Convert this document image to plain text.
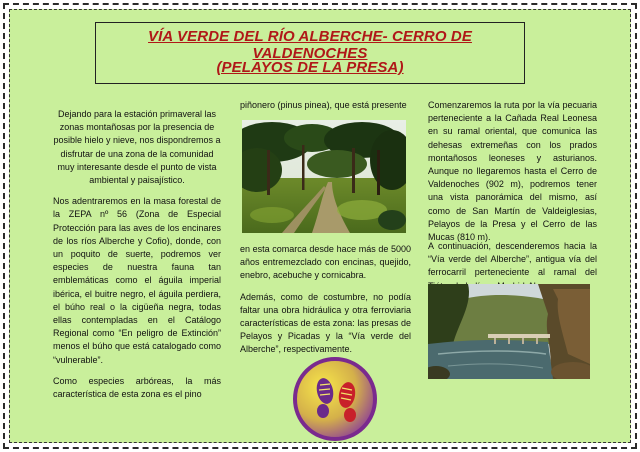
VÍA VERDE DEL RÍO ALBERCHE- CERRO DE VALDENOCHES
(PELAYOS DE LA PRESA)

Dejando para la estación primaveral las zonas montañosas por la presencia de posible hielo y nieve, nos dispondremos a disfrutar de una zona de la comunidad muy interesante desde el punto de vista ambiental y paisajístico.

Nos adentraremos en la masa forestal de la ZEPA nº 56 (Zona de Especial Protección para las aves de los encinares de los ríos Alberche y Cofio), donde, con un poquito de suerte, podremos ver especies de nuestra fauna tan emblemáticas como el águila imperial ibérica, el buitre negro, el águila perdiera, el búho real o la cigüeña negra, todas ellas contempladas en el Catálogo Regional como “En peligro de Extinción” menos el búho que está catalogado como “vulnerable”.

Como especies arbóreas, la más característica de esta zona es el pino

piñonero (pinus pinea), que está presente

en esta comarca desde hace más de 5000 años entremezclado con encinas, quejido, enebro, acebuche y cornicabra.

Además, como de costumbre, no podía faltar una obra hidráulica y otra ferroviaria características de esta zona: las presas de Pelayos y Picadas y la “Vía verde del Alberche”, respectivamente.

Comenzaremos la ruta por la vía pecuaria perteneciente a la Cañada Real Leonesa en su ramal oriental, que comunica las dehesas extremeñas con los prados montañosos leoneses y asturianos. Aunque no llegaremos hasta el Cerro de Valdenoches (902 m), podremos tener una vista panorámica del mismo, así como de San Martín de Valdeiglesias, Pelayos de la Presa y el Cerro de las Mucas (810 m).

A continuación, descenderemos hacia la “Vía verde del Alberche”, antigua vía del ferrocarril perteneciente al ramal del
